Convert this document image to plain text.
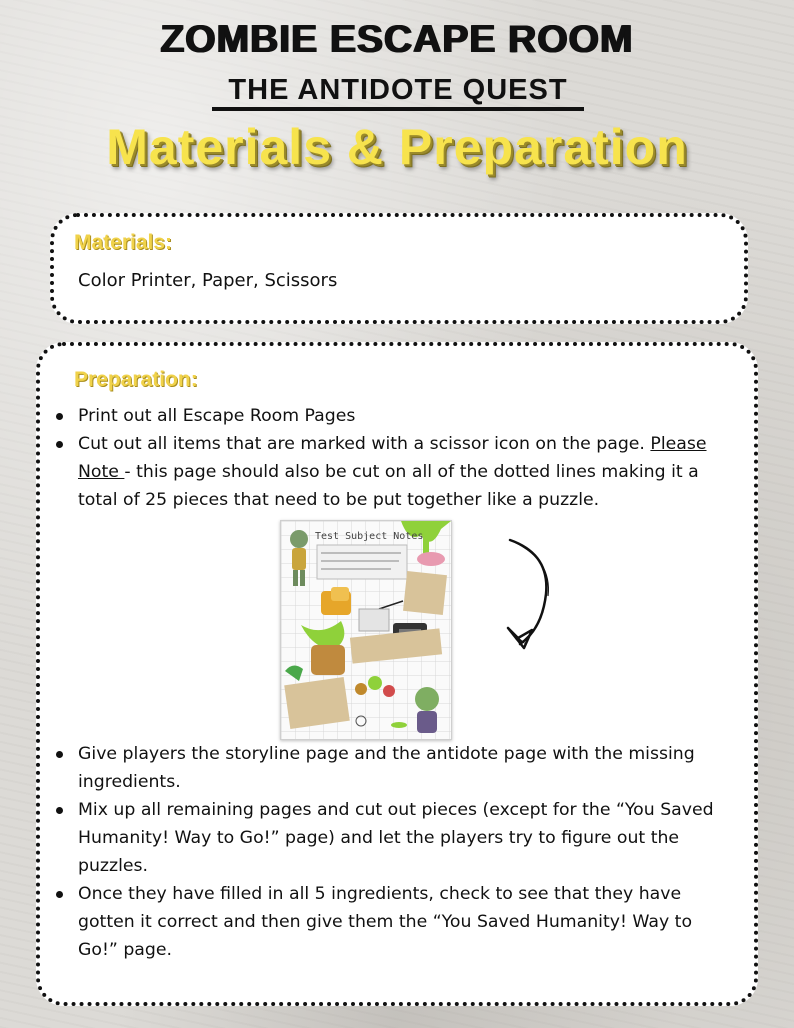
ZOMBIE ESCAPE ROOM
THE ANTIDOTE QUEST
Materials & Preparation
Materials:
Color Printer, Paper, Scissors
Preparation:
Print out all Escape Room Pages
Cut out all items that are marked with a scissor icon on the page. Please Note - this page should also be cut on all of the dotted lines making it a total of 25 pieces that need to be put together like a puzzle.
Test Subject Notes
Give players the storyline page and the antidote page with the missing ingredients.
Mix up all remaining pages and cut out pieces (except for the “You Saved Humanity! Way to Go!” page) and let the players try to figure out the puzzles.
Once they have filled in all 5 ingredients, check to see that they have gotten it correct and then give them the “You Saved Humanity! Way to Go!” page.
